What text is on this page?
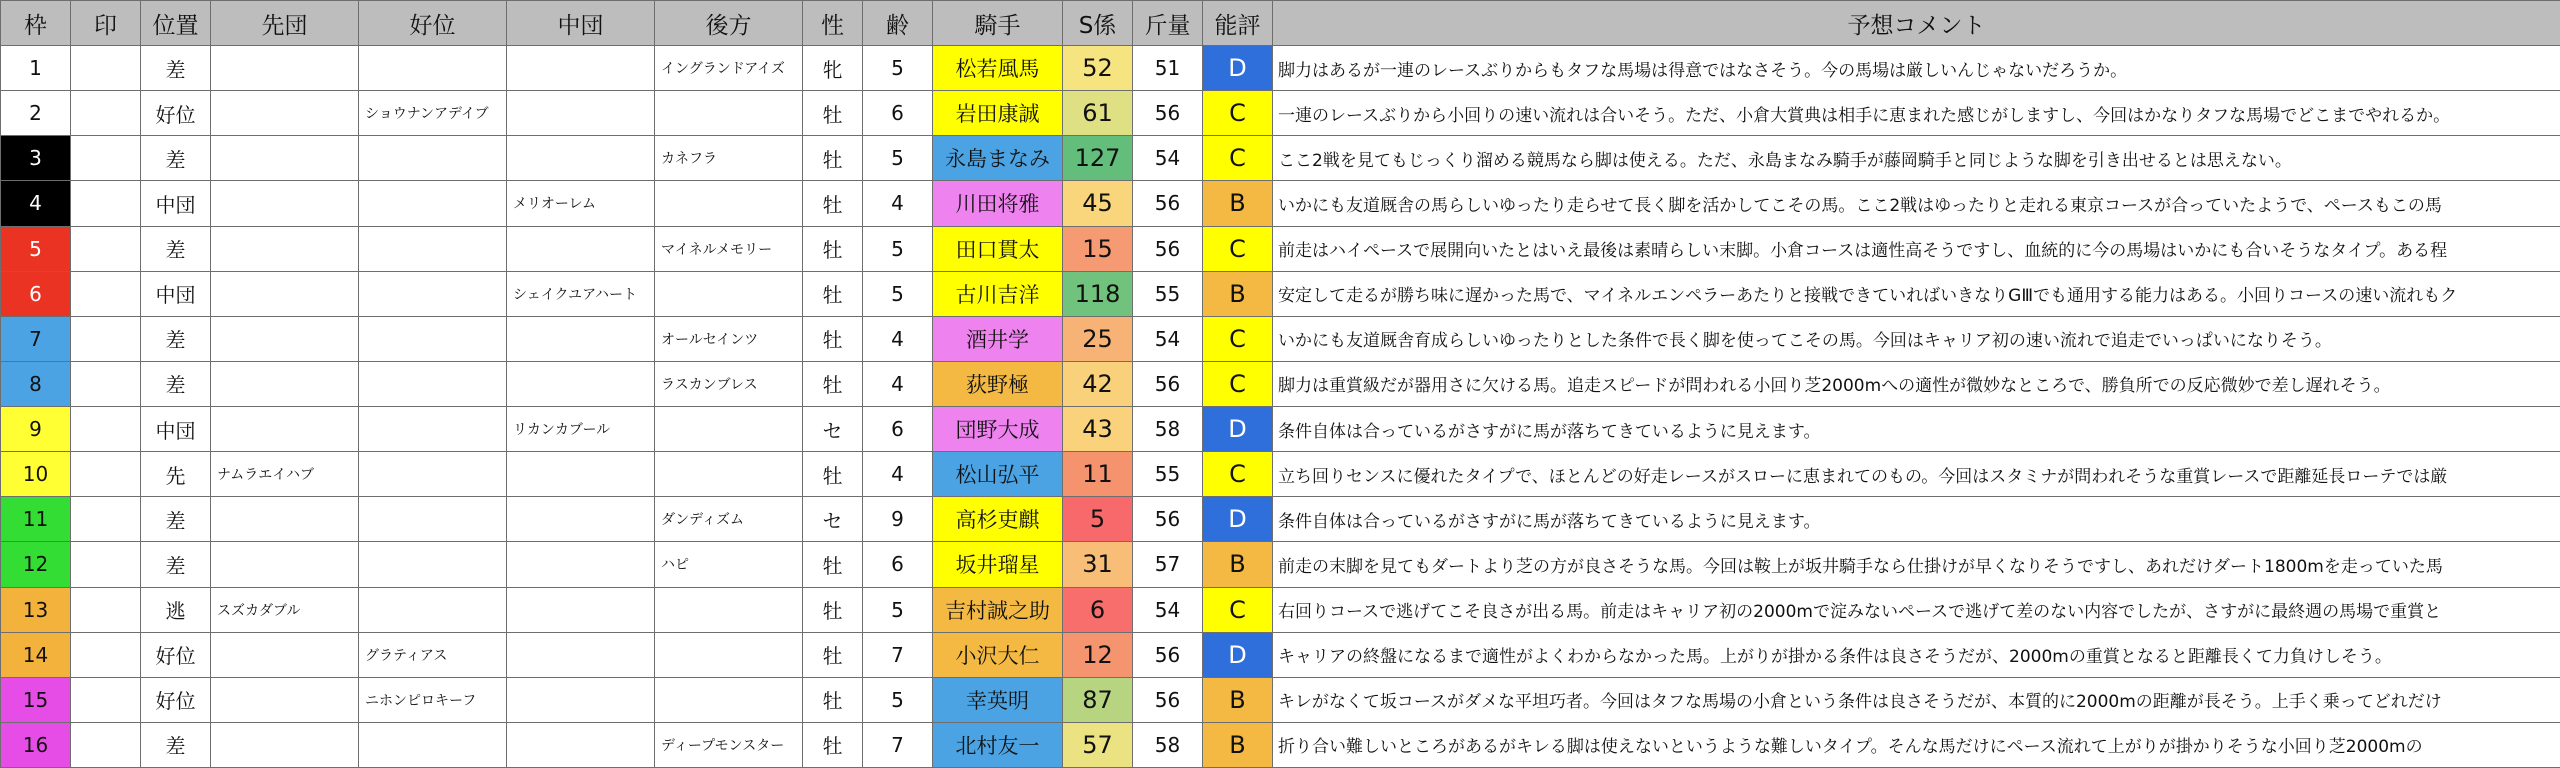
枠	印	位置	先団	好位	中団	後方	性	齢	騎手	S係	斤量	能評	予想コメント
1		差				イングランドアイズ	牝	5	松若風馬	52	51	D	脚力はあるが一連のレースぶりからもタフな馬場は得意ではなさそう。今の馬場は厳しいんじゃないだろうか。
2		好位		ショウナンアデイブ			牡	6	岩田康誠	61	56	C	一連のレースぶりから小回りの速い流れは合いそう。ただ、小倉大賞典は相手に恵まれた感じがしますし、今回はかなりタフな馬場でどこまでやれるか。
3		差				カネフラ	牡	5	永島まなみ	127	54	C	ここ2戦を見てもじっくり溜める競馬なら脚は使える。ただ、永島まなみ騎手が藤岡騎手と同じような脚を引き出せるとは思えない。
4		中団			メリオーレム		牡	4	川田将雅	45	56	B	いかにも友道厩舎の馬らしいゆったり走らせて長く脚を活かしてこその馬。ここ2戦はゆったりと走れる東京コースが合っていたようで、ペースもこの馬
5		差				マイネルメモリー	牡	5	田口貫太	15	56	C	前走はハイペースで展開向いたとはいえ最後は素晴らしい末脚。小倉コースは適性高そうですし、血統的に今の馬場はいかにも合いそうなタイプ。ある程
6		中団			シェイクユアハート		牡	5	古川吉洋	118	55	B	安定して走るが勝ち味に遅かった馬で、マイネルエンペラーあたりと接戦できていればいきなりGⅢでも通用する能力はある。小回りコースの速い流れもク
7		差				オールセインツ	牡	4	酒井学	25	54	C	いかにも友道厩舎育成らしいゆったりとした条件で長く脚を使ってこその馬。今回はキャリア初の速い流れで追走でいっぱいになりそう。
8		差				ラスカンブレス	牡	4	荻野極	42	56	C	脚力は重賞級だが器用さに欠ける馬。追走スピードが問われる小回り芝2000mへの適性が微妙なところで、勝負所での反応微妙で差し遅れそう。
9		中団			リカンカブール		セ	6	団野大成	43	58	D	条件自体は合っているがさすがに馬が落ちてきているように見えます。
10		先	ナムラエイハブ				牡	4	松山弘平	11	55	C	立ち回りセンスに優れたタイプで、ほとんどの好走レースがスローに恵まれてのもの。今回はスタミナが問われそうな重賞レースで距離延長ローテでは厳
11		差				ダンディズム	セ	9	高杉吏麒	5	56	D	条件自体は合っているがさすがに馬が落ちてきているように見えます。
12		差				ハピ	牡	6	坂井瑠星	31	57	B	前走の末脚を見てもダートより芝の方が良さそうな馬。今回は鞍上が坂井騎手なら仕掛けが早くなりそうですし、あれだけダート1800mを走っていた馬
13		逃	スズカダブル				牡	5	吉村誠之助	6	54	C	右回りコースで逃げてこそ良さが出る馬。前走はキャリア初の2000mで淀みないペースで逃げて差のない内容でしたが、さすがに最終週の馬場で重賞と
14		好位		グラティアス			牡	7	小沢大仁	12	56	D	キャリアの終盤になるまで適性がよくわからなかった馬。上がりが掛かる条件は良さそうだが、2000mの重賞となると距離長くて力負けしそう。
15		好位		ニホンピロキーフ			牡	5	幸英明	87	56	B	キレがなくて坂コースがダメな平坦巧者。今回はタフな馬場の小倉という条件は良さそうだが、本質的に2000mの距離が長そう。上手く乗ってどれだけ
16		差				ディープモンスター	牡	7	北村友一	57	58	B	折り合い難しいところがあるがキレる脚は使えないというような難しいタイプ。そんな馬だけにペース流れて上がりが掛かりそうな小回り芝2000mの
